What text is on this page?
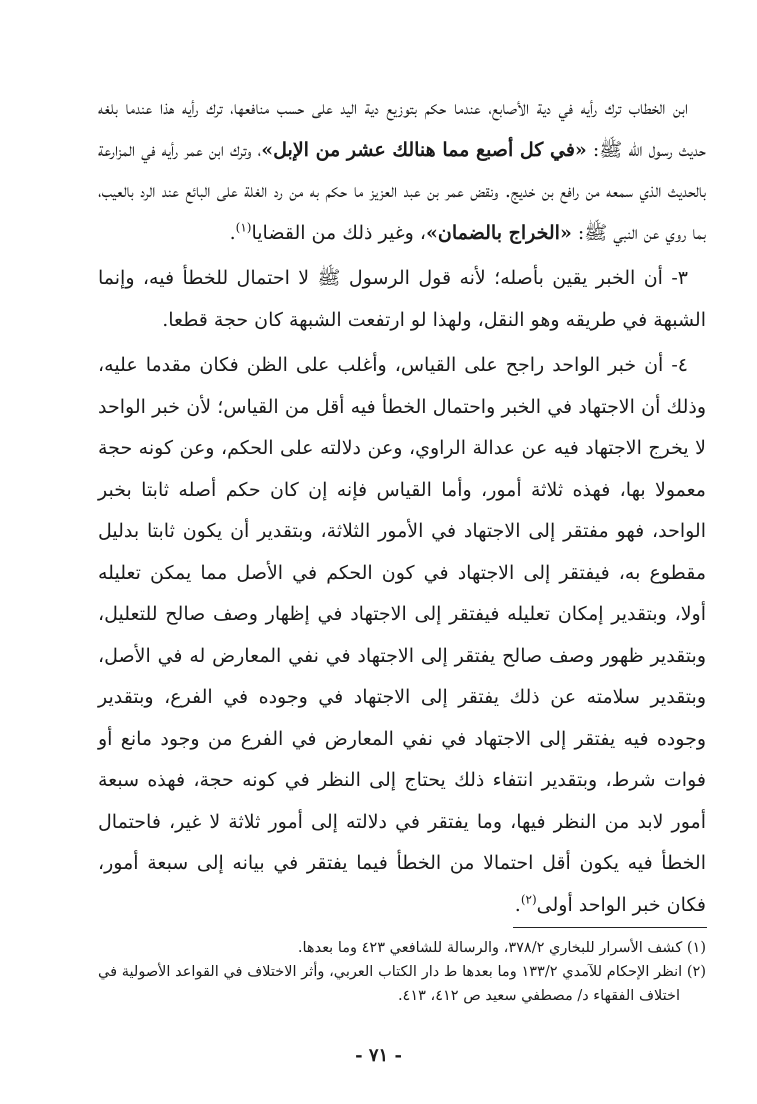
ابن الخطاب ترك رأيه في دية الأصابع، عندما حكم بتوزيع دية اليد على حسب منافعها، ترك رأيه هذا عندما بلغه حديث رسول اللّه ﷺ: «في كل أصبع مما هنالك عشر من الإبل»، وترك ابن عمر رأيه في المزارعة بالحديث الذي سمعه من رافع بن خديج. ونقض عمر بن عبد العزيز ما حكم به من رد الغلة على البائع عند الرد بالعيب، بما روي عن النبي ﷺ: «الخراج بالضمان»، وغير ذلك من القضايا$^{(١)}$.

٣- أن الخبر يقين بأصله؛ لأنه قول الرسول ﷺ لا احتمال للخطأ فيه، وإنما الشبهة في طريقه وهو النقل، ولهذا لو ارتفعت الشبهة كان حجة قطعا.

٤- أن خبر الواحد راجح على القياس، وأغلب على الظن فكان مقدما عليه، وذلك أن الاجتهاد في الخبر واحتمال الخطأ فيه أقل من القياس؛ لأن خبر الواحد لا يخرج الاجتهاد فيه عن عدالة الراوي، وعن دلالته على الحكم، وعن كونه حجة معمولا بها، فهذه ثلاثة أمور، وأما القياس فإنه إن كان حكم أصله ثابتا بخبر الواحد، فهو مفتقر إلى الاجتهاد في الأمور الثلاثة، وبتقدير أن يكون ثابتا بدليل مقطوع به، فيفتقر إلى الاجتهاد في كون الحكم في الأصل مما يمكن تعليله أولا، وبتقدير إمكان تعليله فيفتقر إلى الاجتهاد في إظهار وصف صالح للتعليل، وبتقدير ظهور وصف صالح يفتقر إلى الاجتهاد في نفي المعارض له في الأصل، وبتقدير سلامته عن ذلك يفتقر إلى الاجتهاد في وجوده في الفرع، وبتقدير وجوده فيه يفتقر إلى الاجتهاد في نفي المعارض في الفرع من وجود مانع أو فوات شرط، وبتقدير انتفاء ذلك يحتاج إلى النظر في كونه حجة، فهذه سبعة أمور لابد من النظر فيها، وما يفتقر في دلالته إلى أمور ثلاثة لا غير، فاحتمال الخطأ فيه يكون أقل احتمالا من الخطأ فيما يفتقر في بيانه إلى سبعة أمور، فكان خبر الواحد أولى$^{(٢)}$.

(١) كشف الأسرار للبخاري ٣٧٨/٢، والرسالة للشافعي ٤٢٣ وما بعدها.

(٢) انظر الإحكام للآمدي ١٣٣/٢ وما بعدها ط دار الكتاب العربي، وأثر الاختلاف في القواعد الأصولية في اختلاف الفقهاء د/ مصطفي سعيد ص ٤١٢، ٤١٣.

- ٧١ -
